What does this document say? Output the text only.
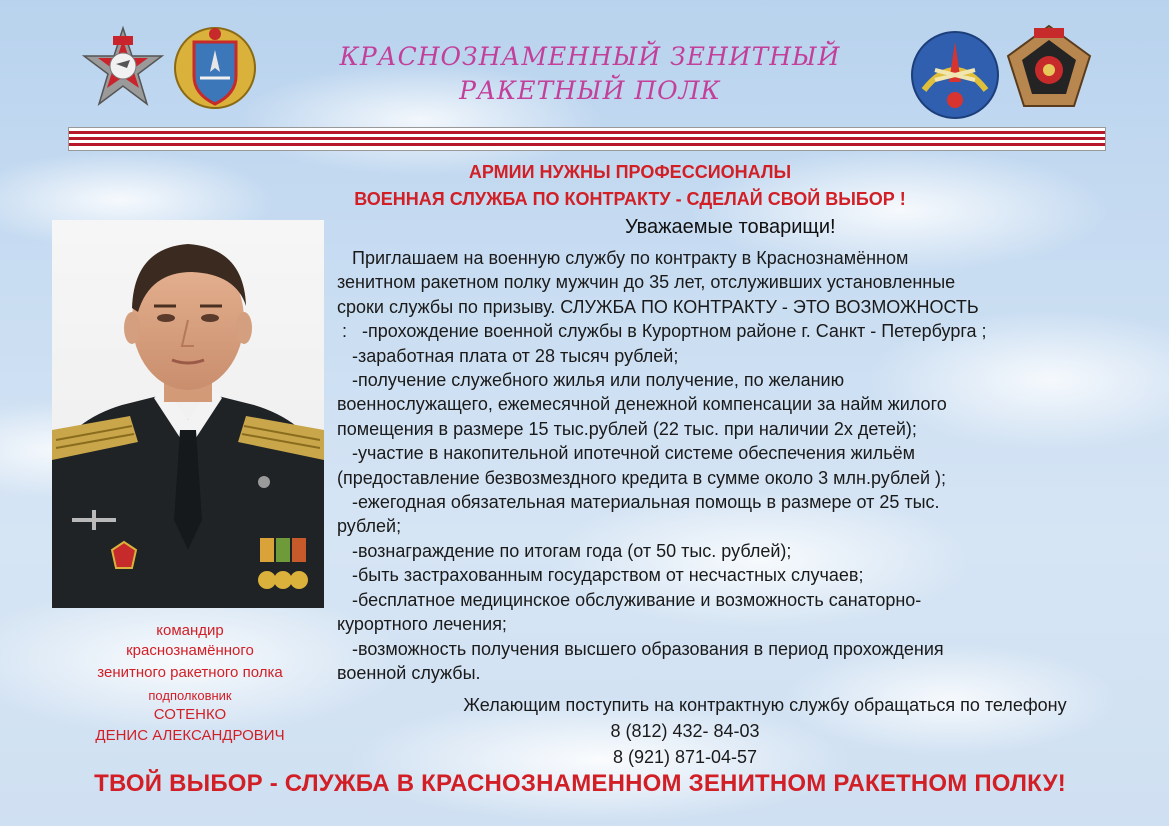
КРАСНОЗНАМЕННЫЙ ЗЕНИТНЫЙ
РАКЕТНЫЙ ПОЛК
АРМИИ НУЖНЫ ПРОФЕССИОНАЛЫ
ВОЕННАЯ СЛУЖБА ПО КОНТРАКТУ - СДЕЛАЙ СВОЙ ВЫБОР !
командир
краснознамённого
зенитного ракетного полка
подполковник
СОТЕНКО
ДЕНИС АЛЕКСАНДРОВИЧ
Уважаемые товарищи!

Приглашаем на военную службу по контракту в Краснознамённом

зенитном ракетном полку мужчин до 35 лет, отслуживших установленные

сроки службы по призыву. СЛУЖБА ПО КОНТРАКТУ - ЭТО ВОЗМОЖНОСТЬ

:   -прохождение военной службы в Курортном районе г. Санкт - Петербурга ;

-заработная плата от 28 тысяч рублей;

-получение служебного жилья или получение, по желанию

военнослужащего, ежемесячной денежной компенсации за найм жилого

помещения в размере 15 тыс.рублей (22 тыс. при наличии 2х детей);

-участие в накопительной ипотечной системе обеспечения жильём

(предоставление безвозмездного кредита в сумме около 3 млн.рублей );

-ежегодная обязательная материальная помощь в размере от 25 тыс.

рублей;

-вознаграждение по итогам года (от 50 тыс. рублей);

-быть застрахованным государством от несчастных случаев;

-бесплатное медицинское обслуживание и возможность санаторно-

курортного лечения;

-возможность получения высшего образования в период прохождения

военной службы.

Желающим поступить на контрактную службу обращаться по телефону
8 (812) 432- 84-03
8 (921) 871-04-57
ТВОЙ ВЫБОР - СЛУЖБА В КРАСНОЗНАМЕННОМ ЗЕНИТНОМ РАКЕТНОМ ПОЛКУ!
